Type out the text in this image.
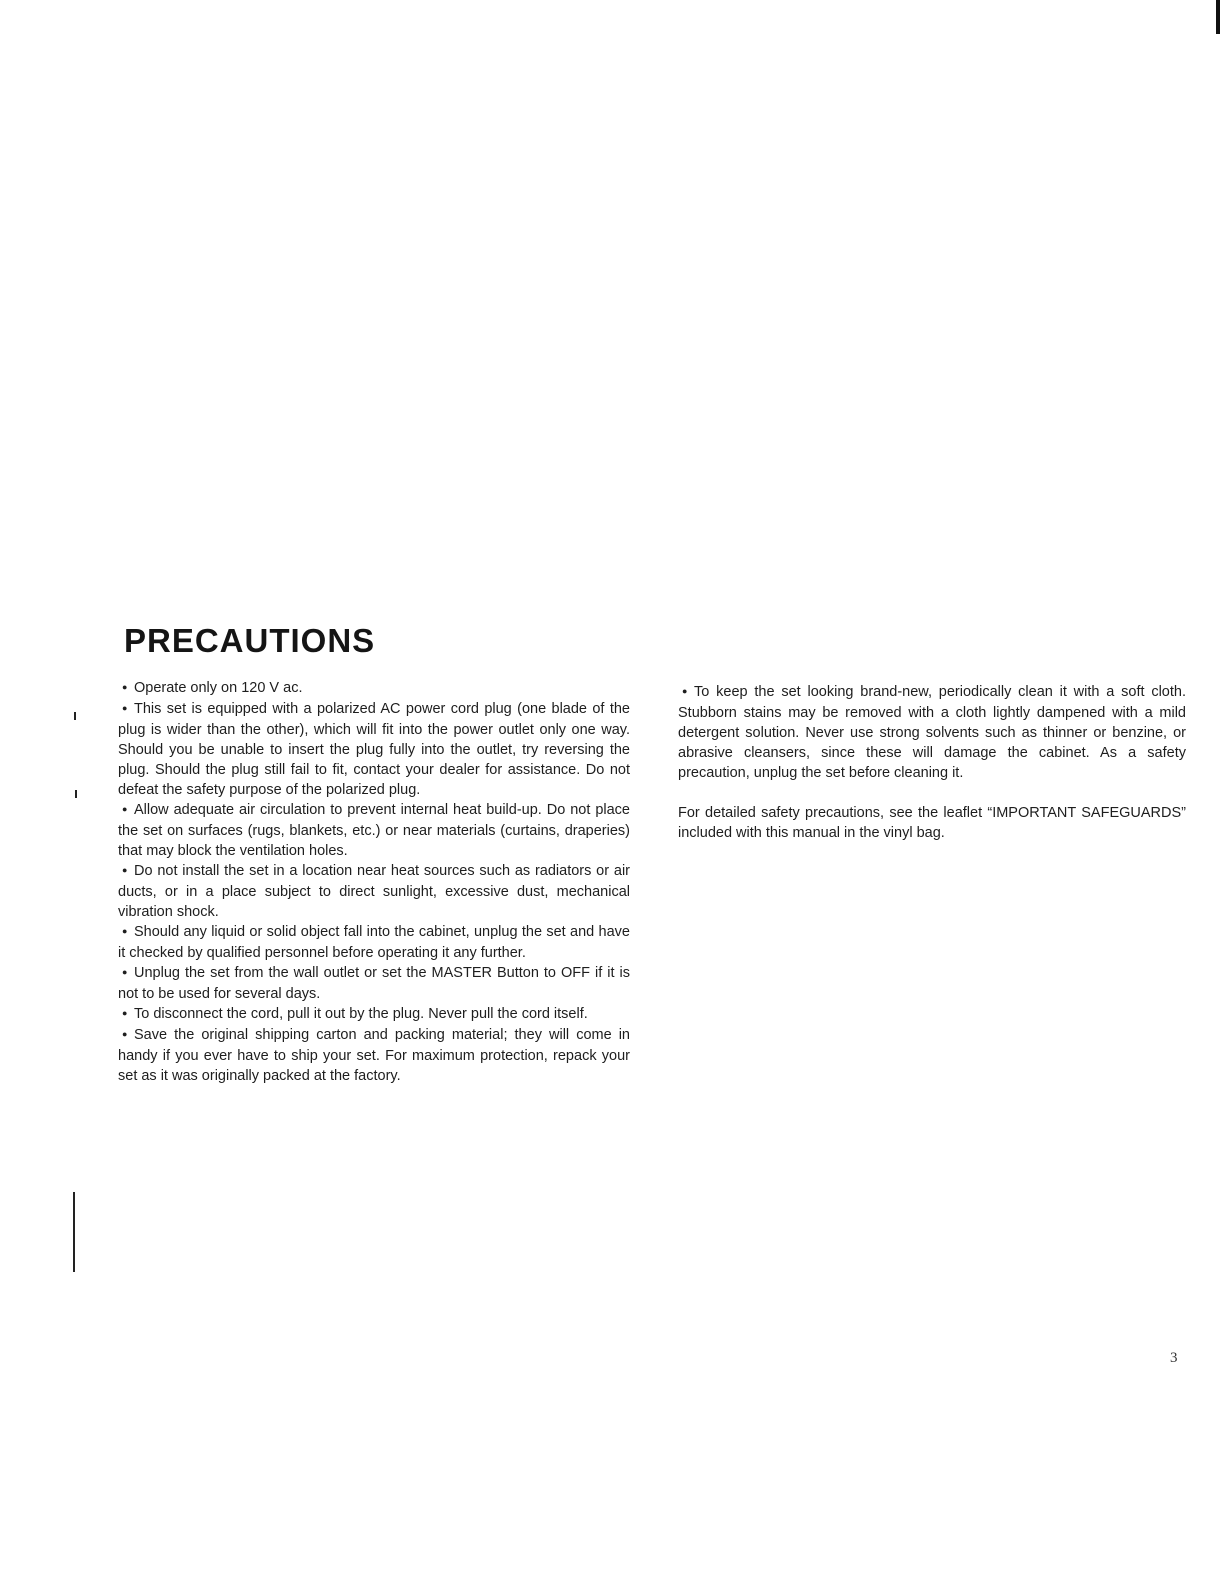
PRECAUTIONS

●Operate only on 120 V ac.

●This set is equipped with a polarized AC power cord plug (one blade of the plug is wider than the other), which will fit into the power outlet only one way. Should you be unable to insert the plug fully into the outlet, try reversing the plug. Should the plug still fail to fit, contact your dealer for assistance. Do not defeat the safety purpose of the polarized plug.

●Allow adequate air circulation to prevent internal heat build-up. Do not place the set on surfaces (rugs, blankets, etc.) or near materials (curtains, draperies) that may block the ventilation holes.

●Do not install the set in a location near heat sources such as radiators or air ducts, or in a place subject to direct sunlight, excessive dust, mechanical vibration shock.

●Should any liquid or solid object fall into the cabinet, unplug the set and have it checked by qualified personnel before operating it any further.

●Unplug the set from the wall outlet or set the MASTER Button to OFF if it is not to be used for several days.

●To disconnect the cord, pull it out by the plug. Never pull the cord itself.

●Save the original shipping carton and packing material; they will come in handy if you ever have to ship your set. For maximum protection, repack your set as it was originally packed at the factory.

●To keep the set looking brand-new, periodically clean it with a soft cloth. Stubborn stains may be removed with a cloth lightly dampened with a mild detergent solution. Never use strong solvents such as thinner or benzine, or abrasive cleansers, since these will damage the cabinet. As a safety precaution, unplug the set before cleaning it.

For detailed safety precautions, see the leaflet “IMPORTANT SAFEGUARDS” included with this manual in the vinyl bag.

3
